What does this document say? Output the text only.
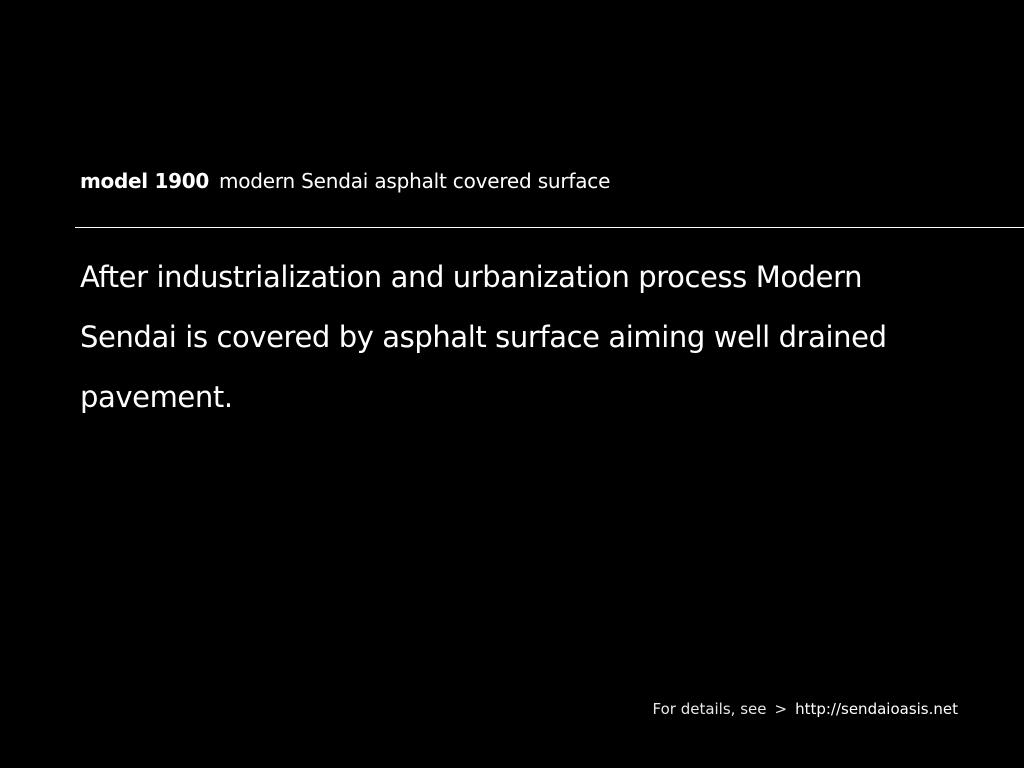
model 1900 modern Sendai asphalt covered surface
After industrialization and urbanization process Modern Sendai is covered by asphalt surface aiming well drained pavement.
For details, see > http://sendaioasis.net
